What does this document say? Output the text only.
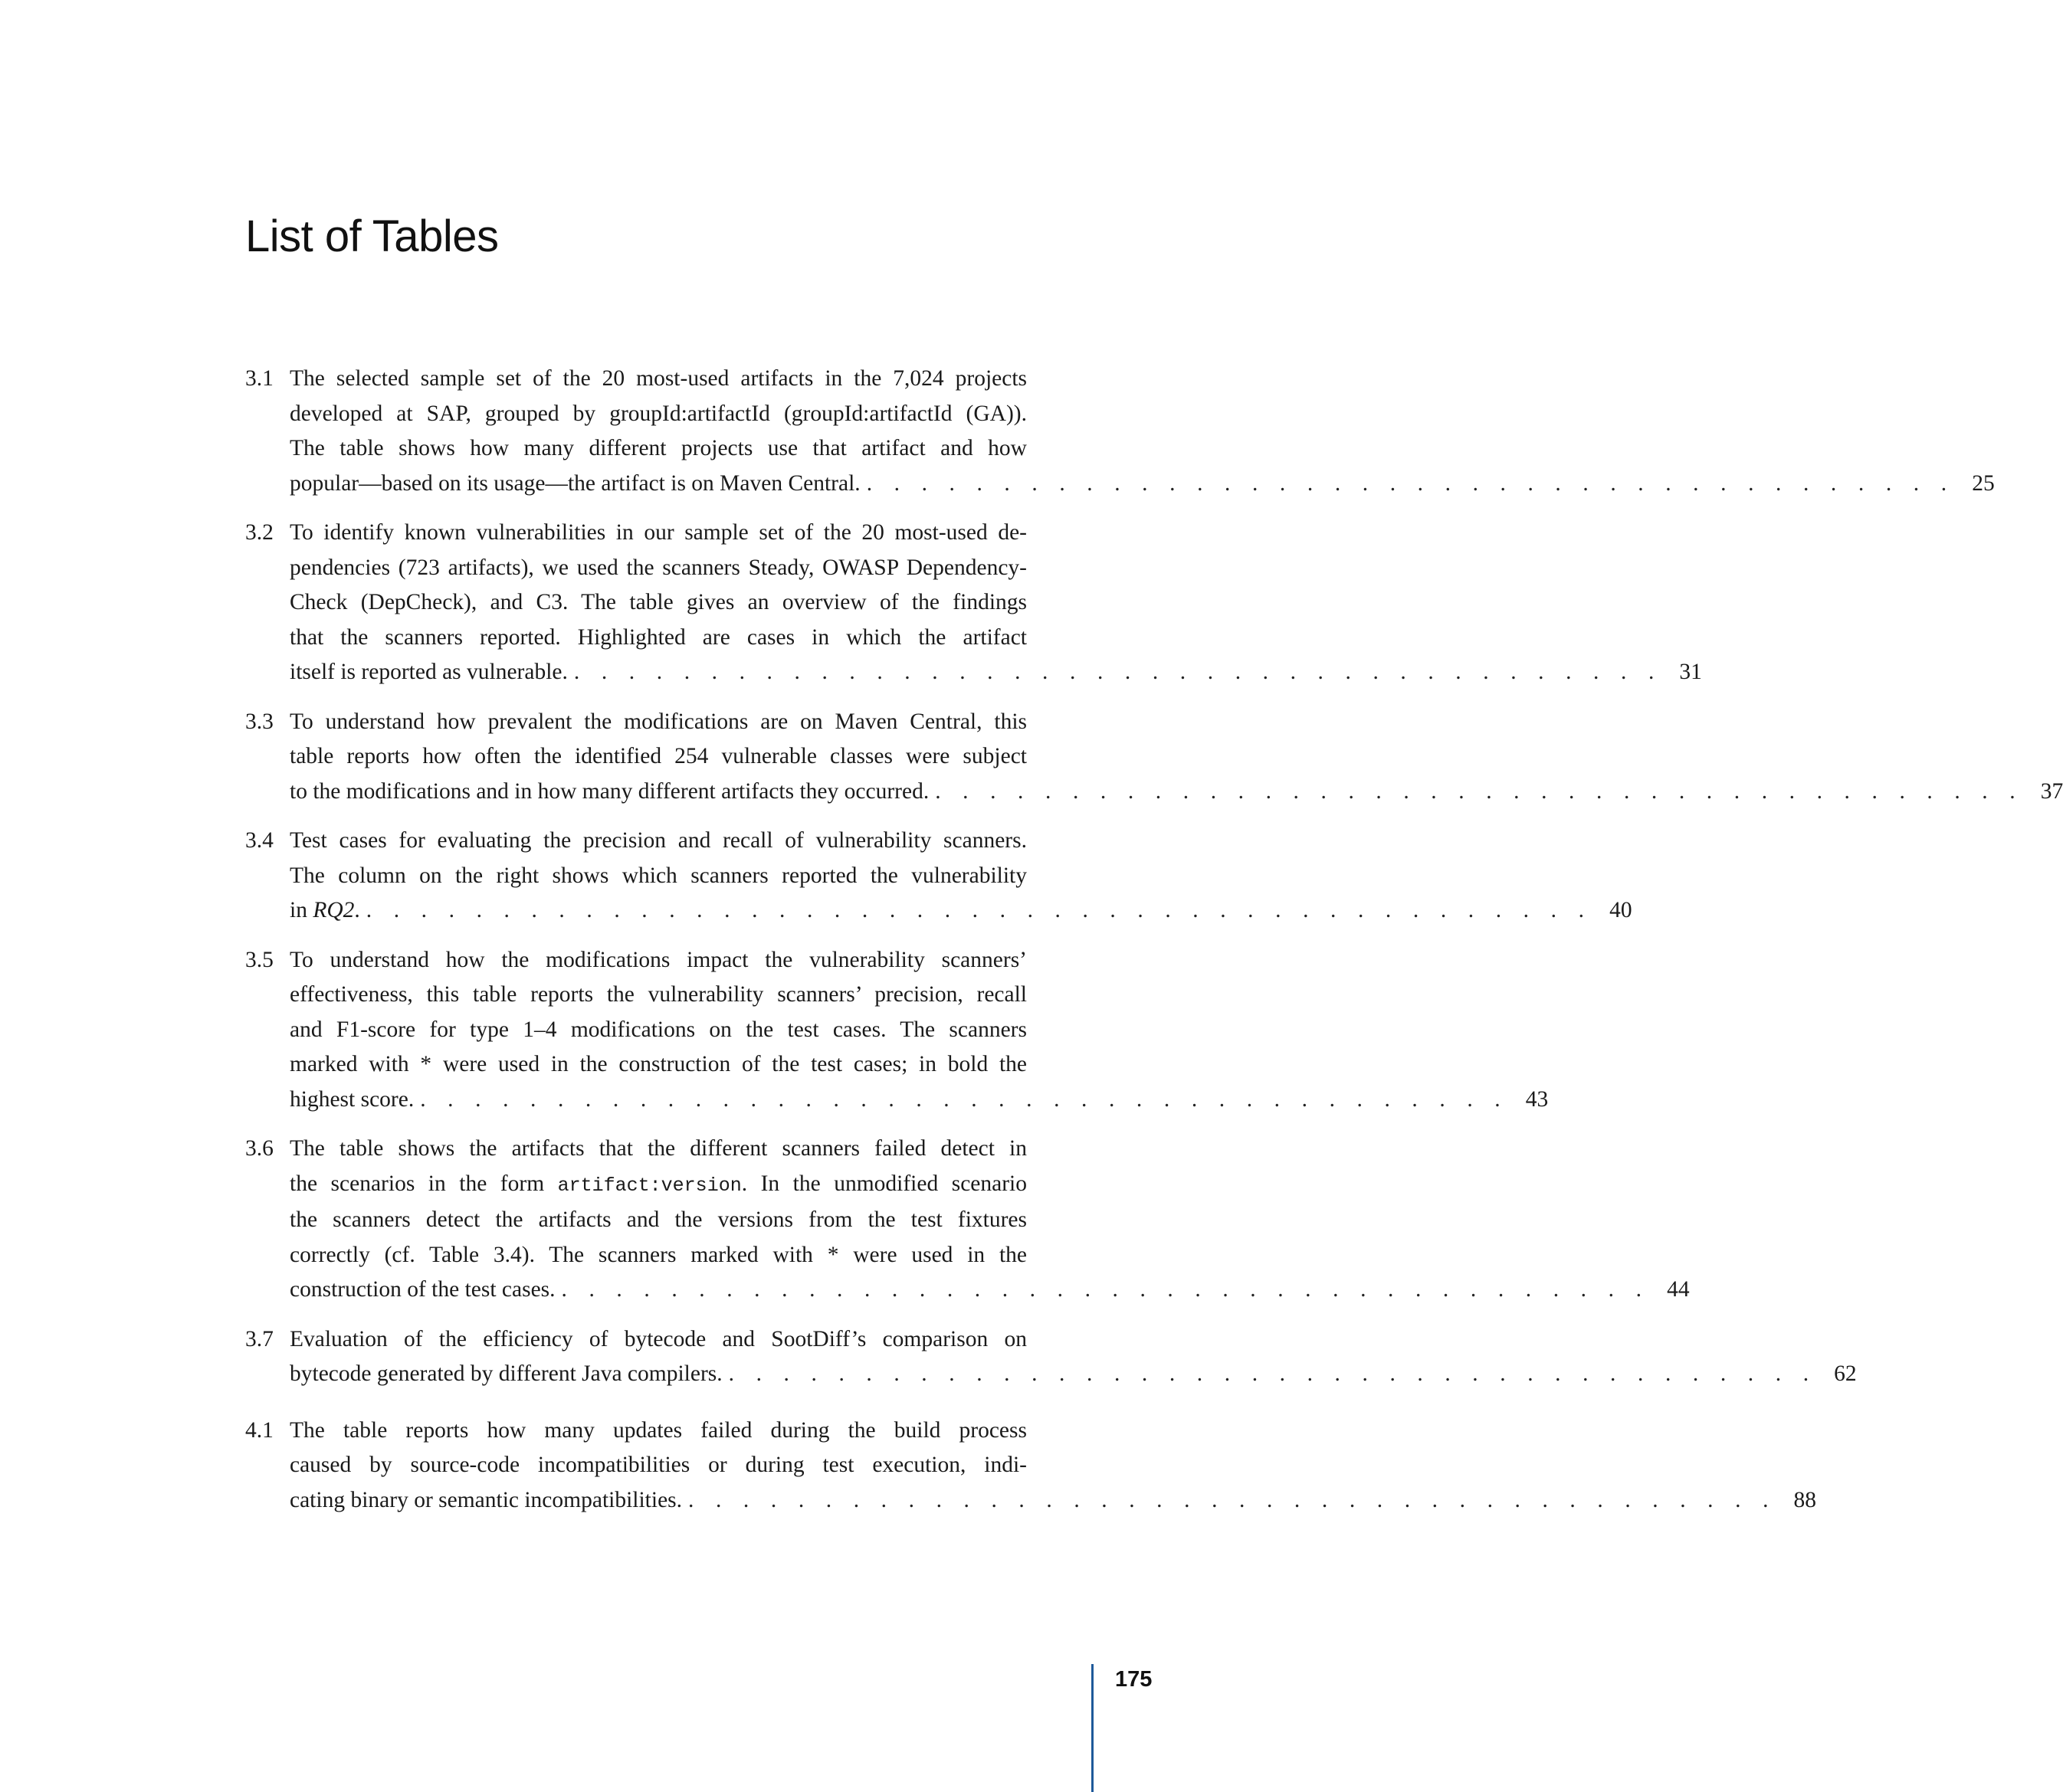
List of Tables
3.1 The selected sample set of the 20 most-used artifacts in the 7,024 projects
developed at SAP, grouped by groupId:artifactId (groupId:artifactId (GA)).
The table shows how many different projects use that artifact and how
popular—based on its usage—the artifact is on Maven Central. . . . . . . . . . . . . . . . . . . . . . . . . . . . . . . . . . . . . . . . . 25
3.2 To identify known vulnerabilities in our sample set of the 20 most-used de-
pendencies (723 artifacts), we used the scanners Steady, OWASP Dependency-
Check (DepCheck), and C3. The table gives an overview of the findings
that the scanners reported. Highlighted are cases in which the artifact
itself is reported as vulnerable. . . . . . . . . . . . . . . . . . . . . . . . . . . . . . . . . . . . . . . . . 31
3.3 To understand how prevalent the modifications are on Maven Central, this
table reports how often the identified 254 vulnerable classes were subject
to the modifications and in how many different artifacts they occurred. . . . . . . . . . . . . . . . . . . . . . . . . . . . . . . . . . . . . . . . . 37
3.4 Test cases for evaluating the precision and recall of vulnerability scanners.
The column on the right shows which scanners reported the vulnerability
in RQ2. . . . . . . . . . . . . . . . . . . . . . . . . . . . . . . . . . . . . . . . . . . . . . 40
3.5 To understand how the modifications impact the vulnerability scanners’
effectiveness, this table reports the vulnerability scanners’ precision, recall
and F1-score for type 1–4 modifications on the test cases. The scanners
marked with * were used in the construction of the test cases; in bold the
highest score. . . . . . . . . . . . . . . . . . . . . . . . . . . . . . . . . . . . . . . . . 43
3.6 The table shows the artifacts that the different scanners failed detect in
the scenarios in the form artifact:version. In the unmodified scenario
the scanners detect the artifacts and the versions from the test fixtures
correctly (cf. Table 3.4). The scanners marked with * were used in the
construction of the test cases. . . . . . . . . . . . . . . . . . . . . . . . . . . . . . . . . . . . . . . . . 44
3.7 Evaluation of the efficiency of bytecode and SootDiff’s comparison on
bytecode generated by different Java compilers. . . . . . . . . . . . . . . . . . . . . . . . . . . . . . . . . . . . . . . . . 62
4.1 The table reports how many updates failed during the build process
caused by source-code incompatibilities or during test execution, indi-
cating binary or semantic incompatibilities. . . . . . . . . . . . . . . . . . . . . . . . . . . . . . . . . . . . . . . . . 88
175
